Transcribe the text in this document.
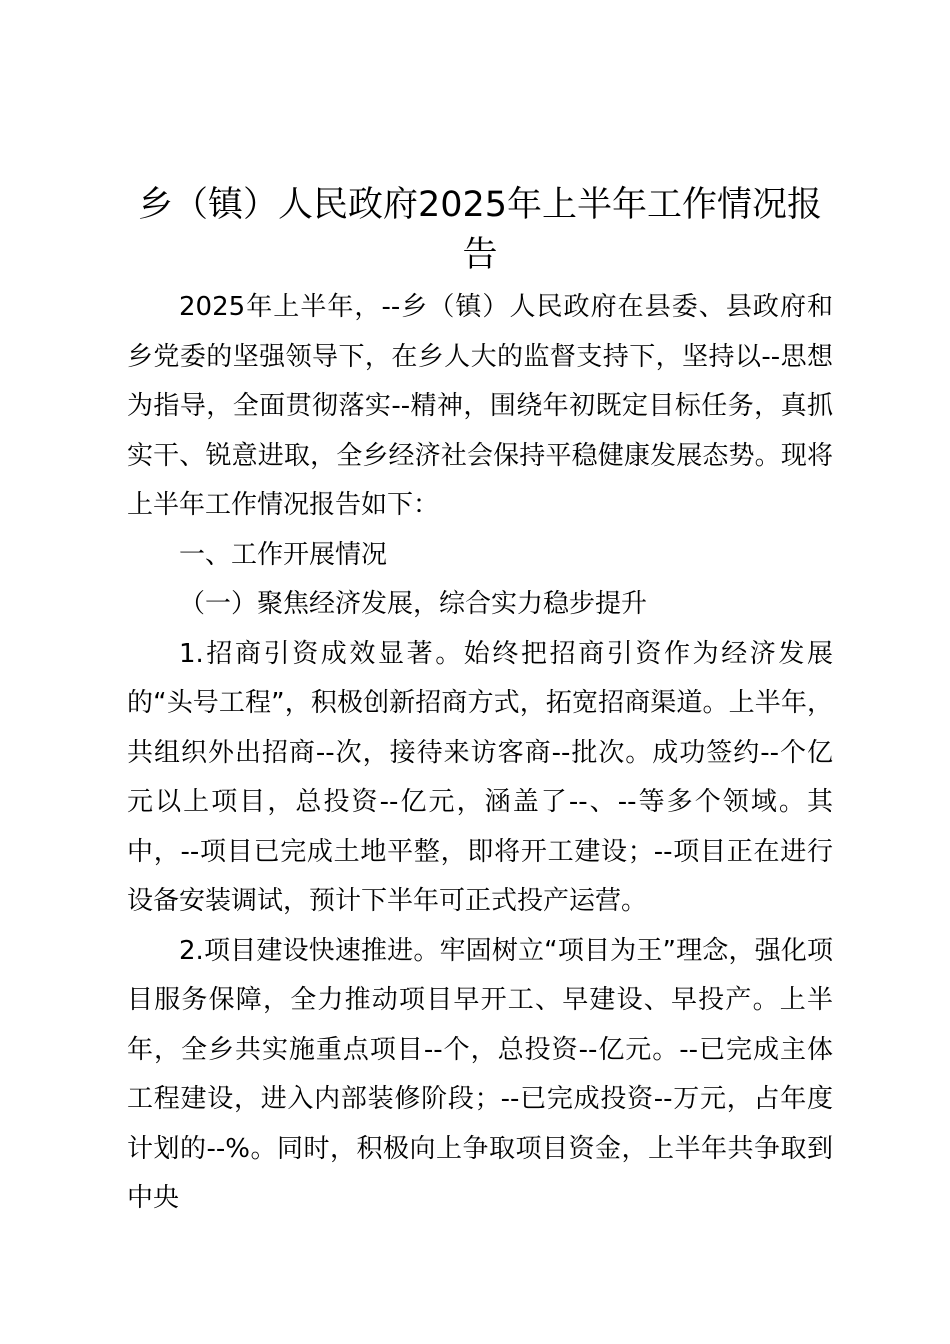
乡（镇）人民政府2025年上半年工作情况报告

2025年上半年，--乡（镇）人民政府在县委、县政府和乡党委的坚强领导下，在乡人大的监督支持下，坚持以--思想为指导，全面贯彻落实--精神，围绕年初既定目标任务，真抓实干、锐意进取，全乡经济社会保持平稳健康发展态势。现将上半年工作情况报告如下：

一、工作开展情况

（一）聚焦经济发展，综合实力稳步提升

1.招商引资成效显著。始终把招商引资作为经济发展的“头号工程”，积极创新招商方式，拓宽招商渠道。上半年，共组织外出招商--次，接待来访客商--批次。成功签约--个亿元以上项目，总投资--亿元，涵盖了--、--等多个领域。其中，--项目已完成土地平整，即将开工建设；--项目正在进行设备安装调试，预计下半年可正式投产运营。

2.项目建设快速推进。牢固树立“项目为王”理念，强化项目服务保障，全力推动项目早开工、早建设、早投产。上半年，全乡共实施重点项目--个，总投资--亿元。--已完成主体工程建设，进入内部装修阶段；--已完成投资--万元，占年度计划的--%。同时，积极向上争取项目资金，上半年共争取到中央
